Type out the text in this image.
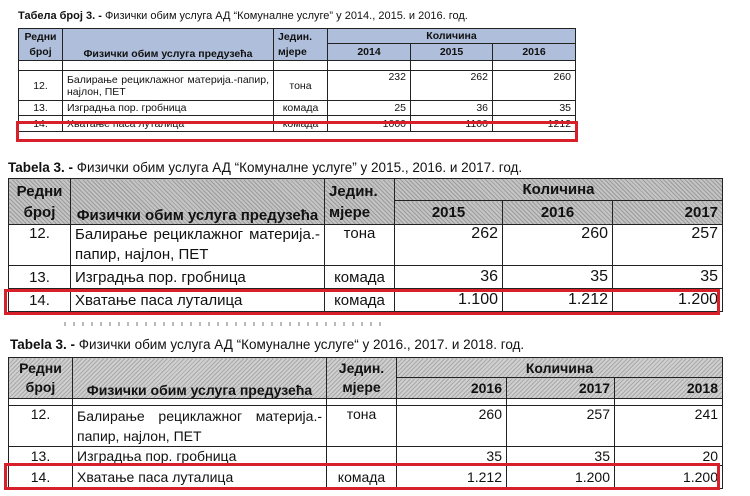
Табела број 3. - Физички обим услуга АД “Комуналне услуге” у 2014., 2015. и 2016. год.
Редни број	Физички обим услуга предузећа	Једин. мјере	Количина		
			2014	2015	2016

12.	Балирање рециклажног материја.-папир, најлон, ПЕТ	тона	232	262	260
13.	Изградња пор. гробница	комада	25	36	35
14.	Хватање паса луталица	комада	1000	1100	1212
Tabela 3. - Физички обим услуга АД “Комуналне услуге” у 2015., 2016. и 2017. год.
Редни број	Физички обим услуга предузећа	Једин. мјере	Количина		
			2015	2016	2017
12.	Балирање рециклажног материја.-папир, најлон, ПЕТ	тона	262	260	257
13.	Изградња пор. гробница	комада	36	35	35
14.	Хватање паса луталица	комада	1.100	1.212	1.200
Tabela 3. - Физички обим услуга АД “Комуналне услуге“ у 2016., 2017. и 2018. год.
Редни број	Физички обим услуга предузећа	Једин. мјере	Количина		
			2016	2017	2018

12.	Балирање рециклажног материја.-папир, најлон, ПЕТ	тона	260	257	241
13.	Изградња пор. гробница		35	35	20
14.	Хватање паса луталица	комада	1.212	1.200	1.200
